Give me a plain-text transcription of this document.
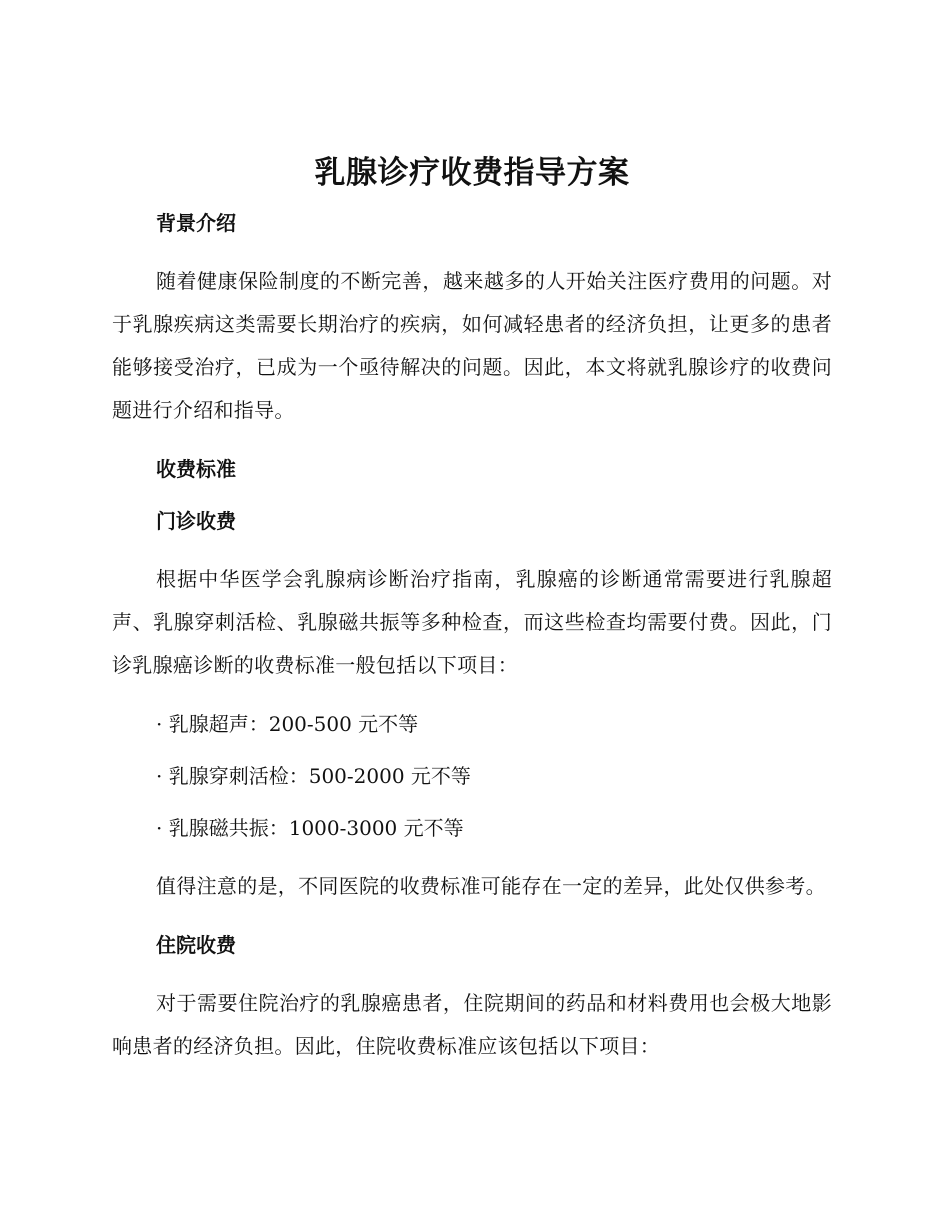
乳腺诊疗收费指导方案
背景介绍

随着健康保险制度的不断完善，越来越多的人开始关注医疗费用的问题。对于乳腺疾病这类需要长期治疗的疾病，如何减轻患者的经济负担，让更多的患者能够接受治疗，已成为一个亟待解决的问题。因此，本文将就乳腺诊疗的收费问题进行介绍和指导。

收费标准
门诊收费

根据中华医学会乳腺病诊断治疗指南，乳腺癌的诊断通常需要进行乳腺超声、乳腺穿刺活检、乳腺磁共振等多种检查，而这些检查均需要付费。因此，门诊乳腺癌诊断的收费标准一般包括以下项目：

· 乳腺超声：200-500 元不等

· 乳腺穿刺活检：500-2000 元不等

· 乳腺磁共振：1000-3000 元不等

值得注意的是，不同医院的收费标准可能存在一定的差异，此处仅供参考。

住院收费

对于需要住院治疗的乳腺癌患者，住院期间的药品和材料费用也会极大地影响患者的经济负担。因此，住院收费标准应该包括以下项目：
